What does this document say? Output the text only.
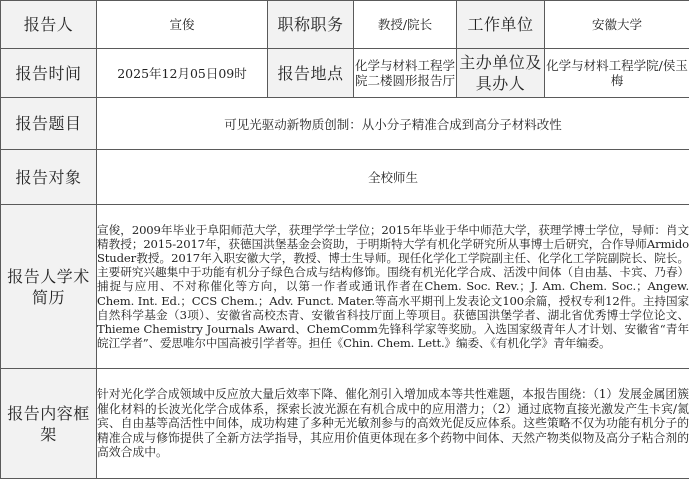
报告人	宣俊	职称职务	教授/院长	工作单位	安徽大学
报告时间	2025年12月05日09时	报告地点	化学与材料工程学院二楼圆形报告厅	主办单位及具办人	化学与材料工程学院/侯玉梅
报告题目	可见光驱动新物质创制：从小分子精准合成到高分子材料改性				
报告对象	全校师生				
报告人学术简历	宣俊，2009年毕业于阜阳师范大学，获理学学士学位；2015年毕业于华中师范大学，获理学博士学位，导师：肖文精教授；2015-2017年，获德国洪堡基金会资助，于明斯特大学有机化学研究所从事博士后研究，合作导师Armido Studer教授。2017年入职安徽大学，教授、博士生导师。现任化学化工学院副主任、化学化工学院副院长、院长。主要研究兴趣集中于功能有机分子绿色合成与结构修饰。围绕有机光化学合成、活泼中间体（自由基、卡宾、乃春）捕捉与应用、不对称催化等方向，以第一作者或通讯作者在Chem. Soc. Rev.；J. Am. Chem. Soc.；Angew. Chem. Int. Ed.；CCS Chem.；Adv. Funct. Mater.等高水平期刊上发表论文100余篇，授权专利12件。主持国家自然科学基金（3项）、安徽省高校杰青、安徽省科技厅面上等项目。获德国洪堡学者、湖北省优秀博士学位论文、Thieme Chemistry Journals Award、ChemComm先锋科学家等奖励。入选国家级青年人才计划、安徽省“青年皖江学者”、爱思唯尔中国高被引学者等。担任《Chin. Chem. Lett.》编委、《有机化学》青年编委。				
报告内容框架	针对光化学合成领域中反应放大量后效率下降、催化剂引入增加成本等共性难题，本报告围绕：（1）发展金属团簇催化材料的长波光化学合成体系，探索长波光源在有机合成中的应用潜力；（2）通过底物直接光激发产生卡宾/氮宾、自由基等高活性中间体，成功构建了多种无光敏剂参与的高效光促反应体系。这些策略不仅为功能有机分子的精准合成与修饰提供了全新方法学指导，其应用价值更体现在多个药物中间体、天然产物类似物及高分子粘合剂的高效合成中。				
